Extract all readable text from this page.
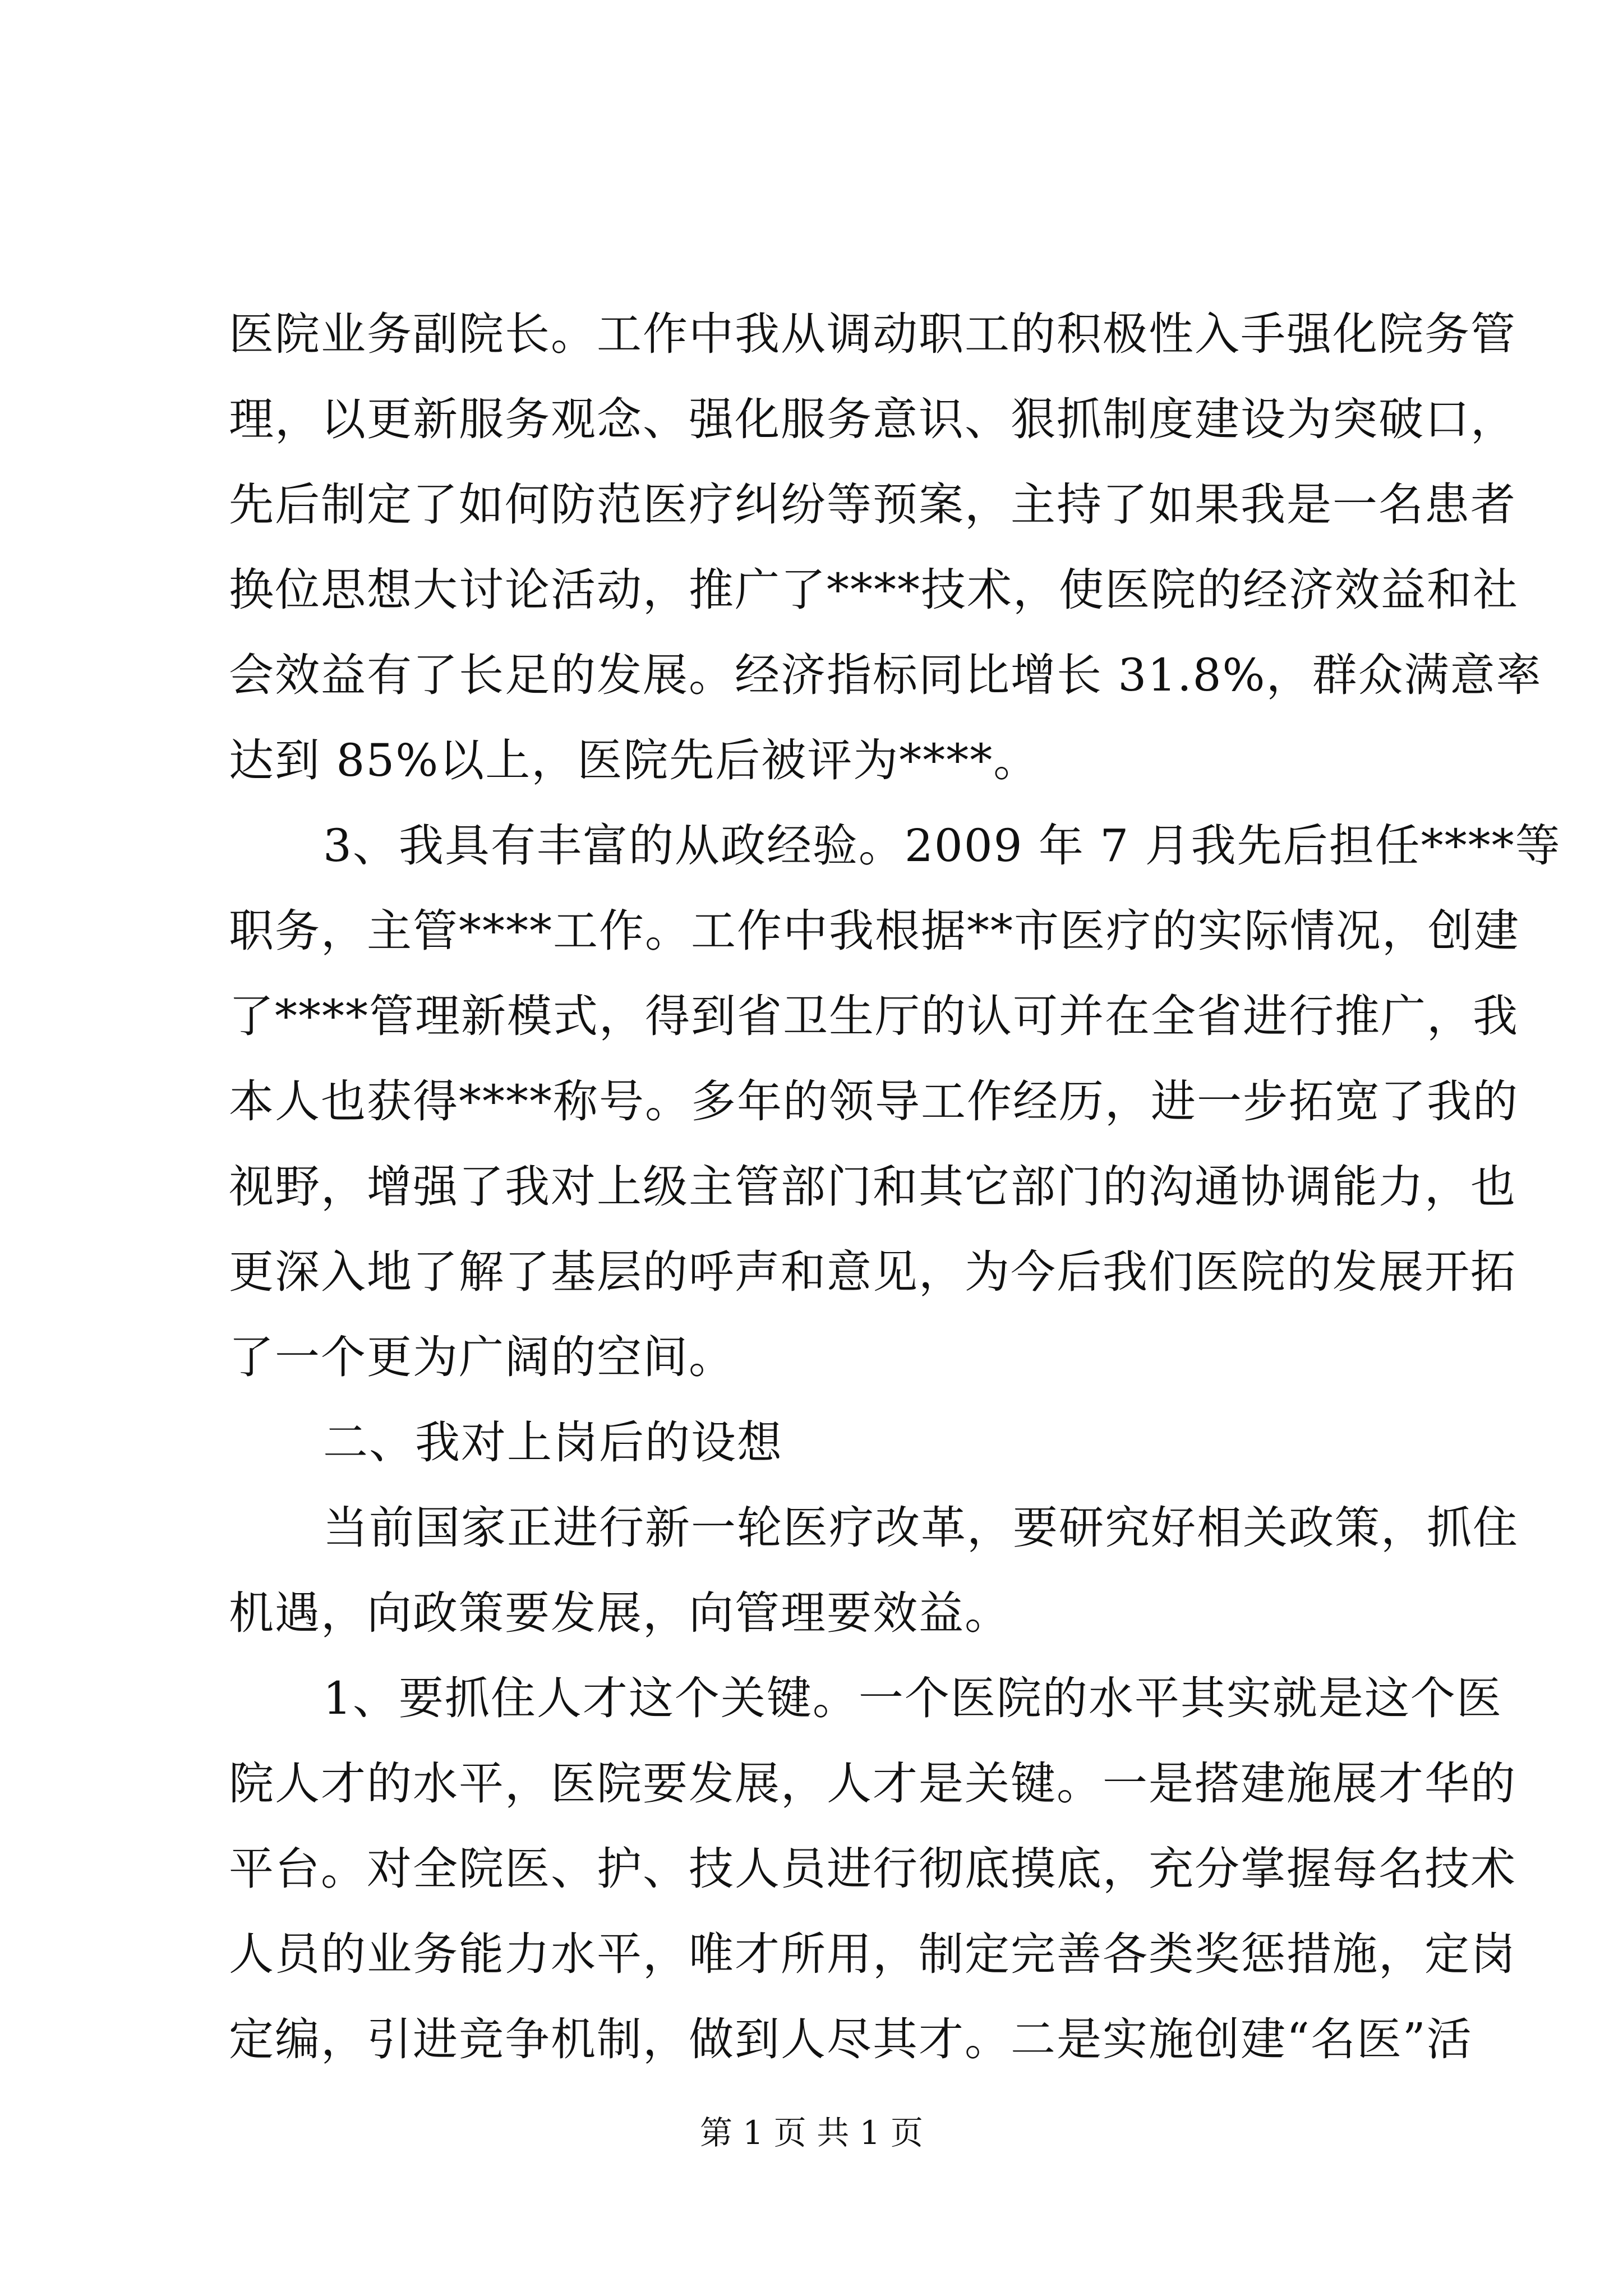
医院业务副院长。工作中我从调动职工的积极性入手强化院务管
理，以更新服务观念、强化服务意识、狠抓制度建设为突破口，
先后制定了如何防范医疗纠纷等预案，主持了如果我是一名患者
换位思想大讨论活动，推广了****技术，使医院的经济效益和社
会效益有了长足的发展。经济指标同比增长 31.8%，群众满意率
达到 85%以上，医院先后被评为****。
3、我具有丰富的从政经验。2009 年 7 月我先后担任****等
职务，主管****工作。工作中我根据**市医疗的实际情况，创建
了****管理新模式，得到省卫生厅的认可并在全省进行推广，我
本人也获得****称号。多年的领导工作经历，进一步拓宽了我的
视野，增强了我对上级主管部门和其它部门的沟通协调能力，也
更深入地了解了基层的呼声和意见，为今后我们医院的发展开拓
了一个更为广阔的空间。
二、我对上岗后的设想
当前国家正进行新一轮医疗改革，要研究好相关政策，抓住
机遇，向政策要发展，向管理要效益。
1、要抓住人才这个关键。一个医院的水平其实就是这个医
院人才的水平，医院要发展，人才是关键。一是搭建施展才华的
平台。对全院医、护、技人员进行彻底摸底，充分掌握每名技术
人员的业务能力水平，唯才所用，制定完善各类奖惩措施，定岗
定编，引进竞争机制，做到人尽其才。二是实施创建“名医”活
第 1 页 共 1 页
